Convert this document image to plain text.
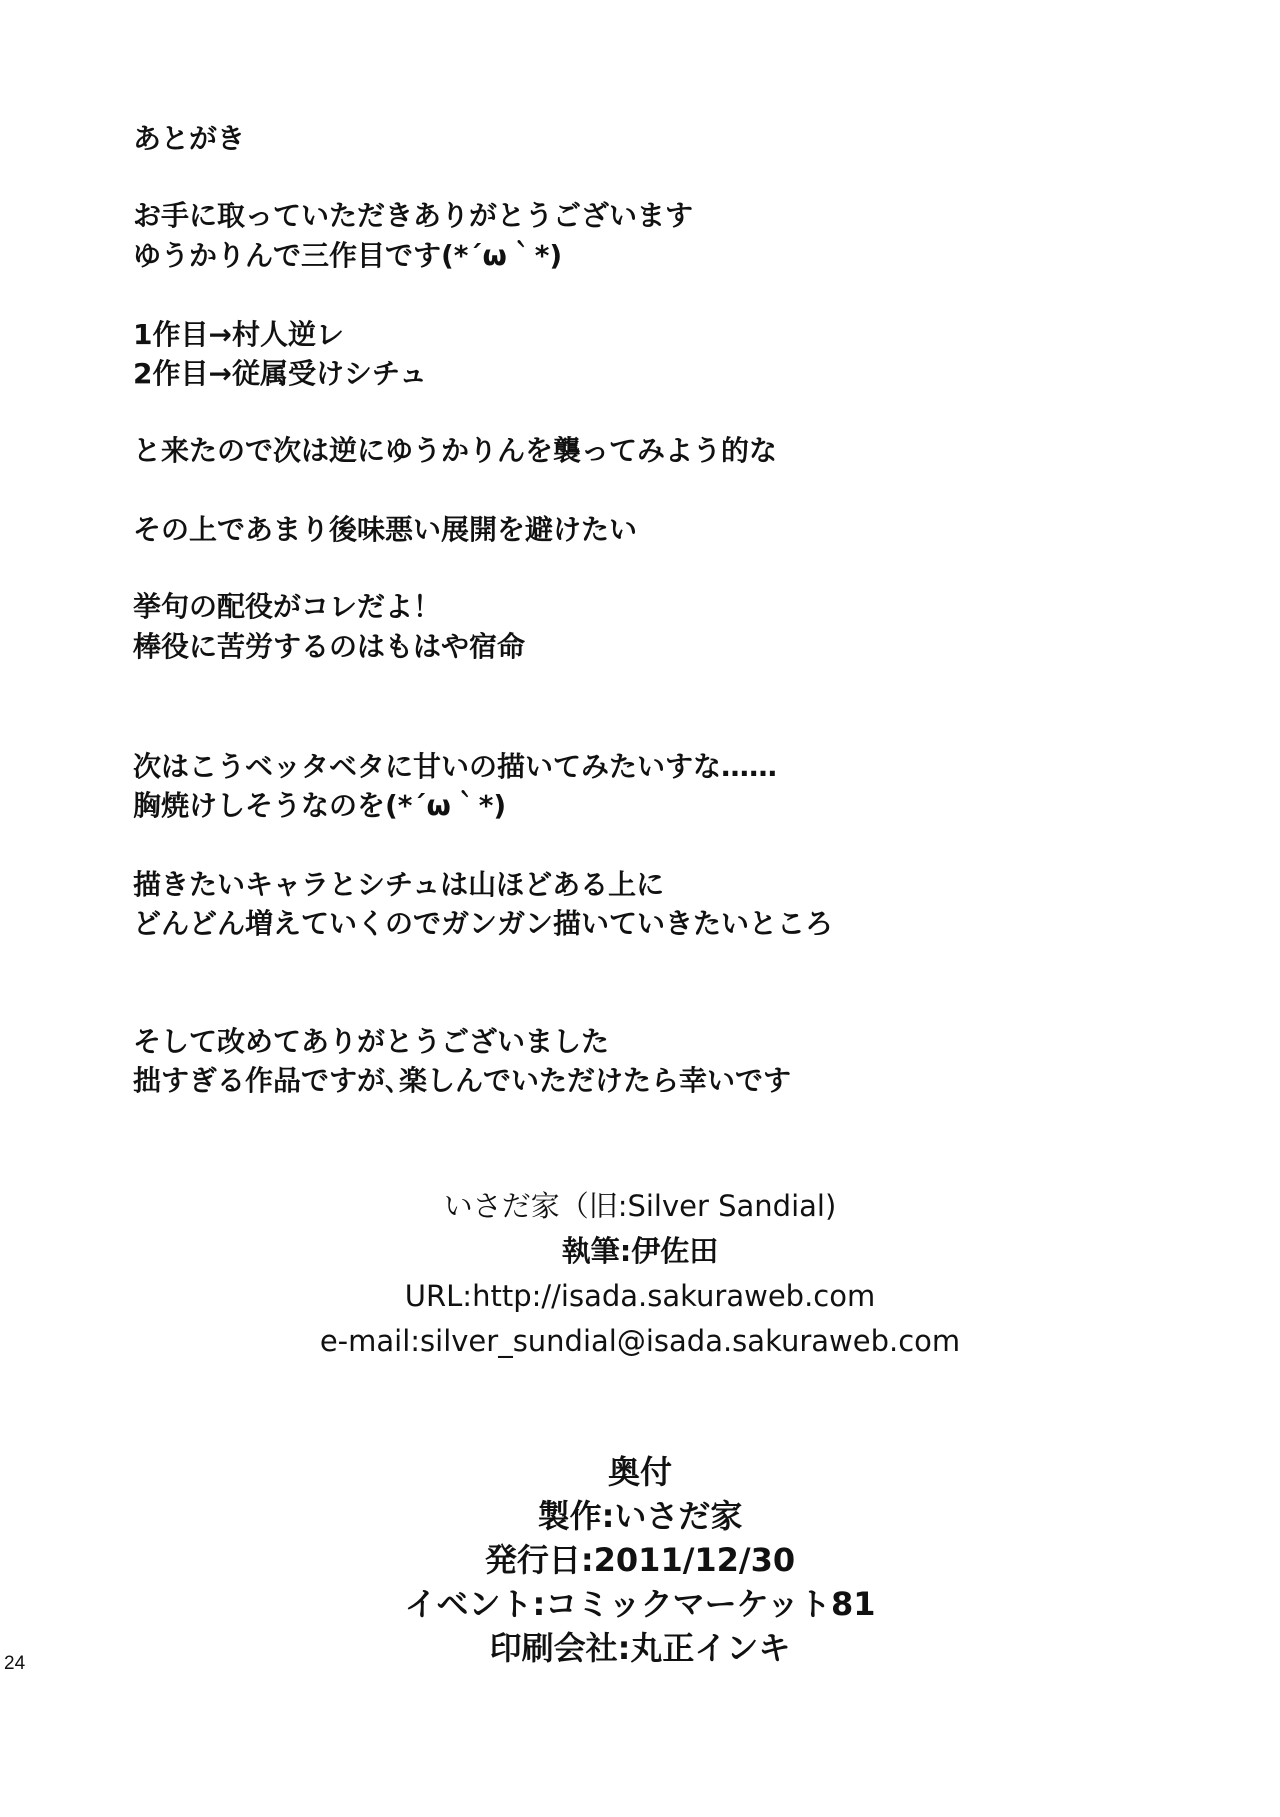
あとがき
お手に取っていただきありがとうございます
ゆうかりんで三作目です(*´ω｀*)
1作目→村人逆レ
2作目→従属受けシチュ
と来たので次は逆にゆうかりんを襲ってみよう的な
その上であまり後味悪い展開を避けたい
挙句の配役がコレだよ！
棒役に苦労するのはもはや宿命
次はこうベッタベタに甘いの描いてみたいすな……
胸焼けしそうなのを(*´ω｀*)
描きたいキャラとシチュは山ほどある上に
どんどん増えていくのでガンガン描いていきたいところ
そして改めてありがとうございました
拙すぎる作品ですが､楽しんでいただけたら幸いです
いさだ家（旧:Silver Sandial)
執筆:伊佐田
URL:http://isada.sakuraweb.com
e-mail:silver_sundial@isada.sakuraweb.com
奥付
製作:いさだ家
発行日:2011/12/30
イベント:コミックマーケット81
印刷会社:丸正インキ
24
